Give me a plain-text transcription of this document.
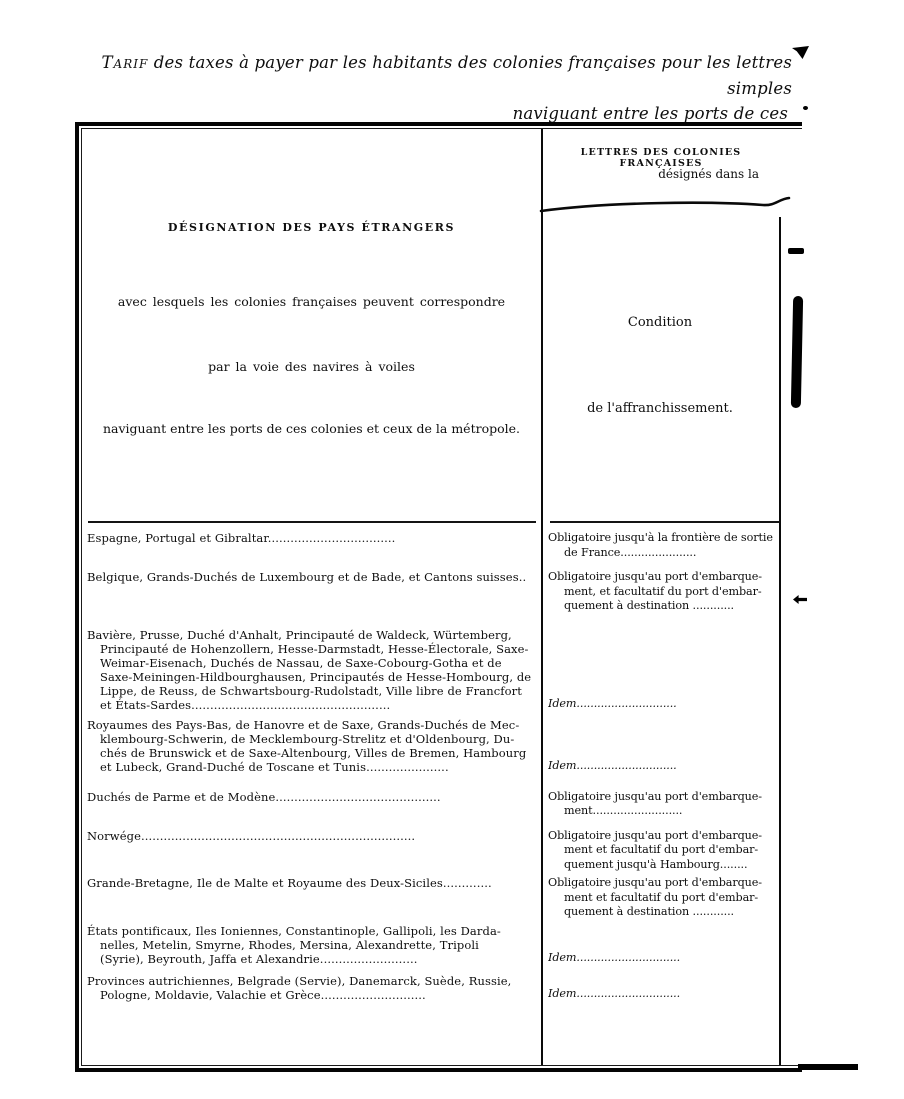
Tarif des taxes à payer par les habitants des colonies françaises pour les lettres simples
naviguant entre les ports de ces
DÉSIGNATION DES PAYS ÉTRANGERS
avec lesquels les colonies françaises peuvent correspondre
par la voie des navires à voiles
naviguant entre les ports de ces colonies et ceux de la métropole.
LETTRES DES COLONIES FRANÇAISES
désignés dans la
Condition
de l'affranchissement.
Espagne, Portugal et Gibraltar..................................	Obligatoire jusqu'à la frontière de sortie
de France......................
Belgique, Grands-Duchés de Luxembourg et de Bade, et Cantons suisses..	Obligatoire jusqu'au port d'embarque-
ment, et facultatif du port d'embar-
quement à destination ............
Bavière, Prusse, Duché d'Anhalt, Principauté de Waldeck, Würtemberg,
Principauté de Hohenzollern, Hesse-Darmstadt, Hesse-Électorale, Saxe-
Weimar-Eisenach, Duchés de Nassau, de Saxe-Cobourg-Gotha et de
Saxe-Meiningen-Hildbourghausen, Principautés de Hesse-Hombourg, de
Lippe, de Reuss, de Schwartsbourg-Rudolstadt, Ville libre de Francfort
et États-Sardes.....................................................	Idem.............................
Royaumes des Pays-Bas, de Hanovre et de Saxe, Grands-Duchés de Mec-
klembourg-Schwerin, de Mecklembourg-Strelitz et d'Oldenbourg, Du-
chés de Brunswick et de Saxe-Altenbourg, Villes de Bremen, Hambourg
et Lubeck, Grand-Duché de Toscane et Tunis......................	Idem.............................
Duchés de Parme et de Modène............................................	Obligatoire jusqu'au port d'embarque-
ment..........................
Norwége.........................................................................	Obligatoire jusqu'au port d'embarque-
ment et facultatif du port d'embar-
quement jusqu'à Hambourg........
Grande-Bretagne, Ile de Malte et Royaume des Deux-Siciles.............	Obligatoire jusqu'au port d'embarque-
ment et facultatif du port d'embar-
quement à destination ............
États pontificaux, Iles Ioniennes, Constantinople, Gallipoli, les Darda-
nelles, Metelin, Smyrne, Rhodes, Mersina, Alexandrette, Tripoli
(Syrie), Beyrouth, Jaffa et Alexandrie..........................	Idem..............................
Provinces autrichiennes, Belgrade (Servie), Danemarck, Suède, Russie,
Pologne, Moldavie, Valachie et Grèce............................	Idem..............................
